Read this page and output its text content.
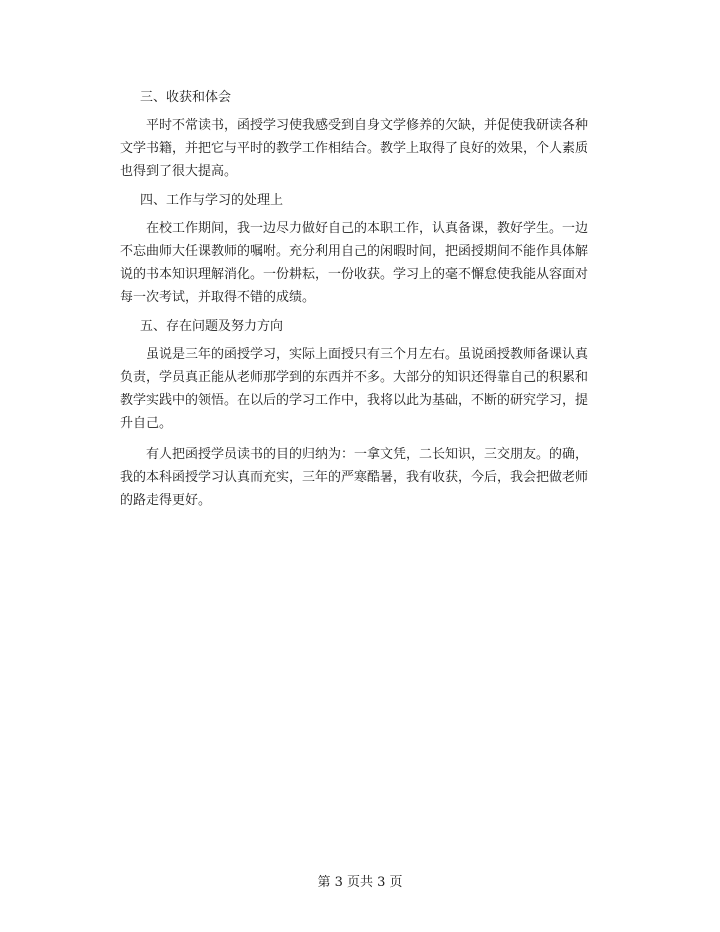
三、收获和体会

平时不常读书，函授学习使我感受到自身文学修养的欠缺，并促使我研读各种文学书籍，并把它与平时的教学工作相结合。教学上取得了良好的效果，个人素质也得到了很大提高。

四、工作与学习的处理上

在校工作期间，我一边尽力做好自己的本职工作，认真备课，教好学生。一边不忘曲师大任课教师的嘱咐。充分利用自己的闲暇时间，把函授期间不能作具体解说的书本知识理解消化。一份耕耘，一份收获。学习上的毫不懈怠使我能从容面对每一次考试，并取得不错的成绩。

五、存在问题及努力方向

虽说是三年的函授学习，实际上面授只有三个月左右。虽说函授教师备课认真负责，学员真正能从老师那学到的东西并不多。大部分的知识还得靠自己的积累和教学实践中的领悟。在以后的学习工作中，我将以此为基础，不断的研究学习，提升自己。

有人把函授学员读书的目的归纳为：一拿文凭，二长知识，三交朋友。的确，我的本科函授学习认真而充实，三年的严寒酷暑，我有收获，今后，我会把做老师的路走得更好。

第 3 页共 3 页
